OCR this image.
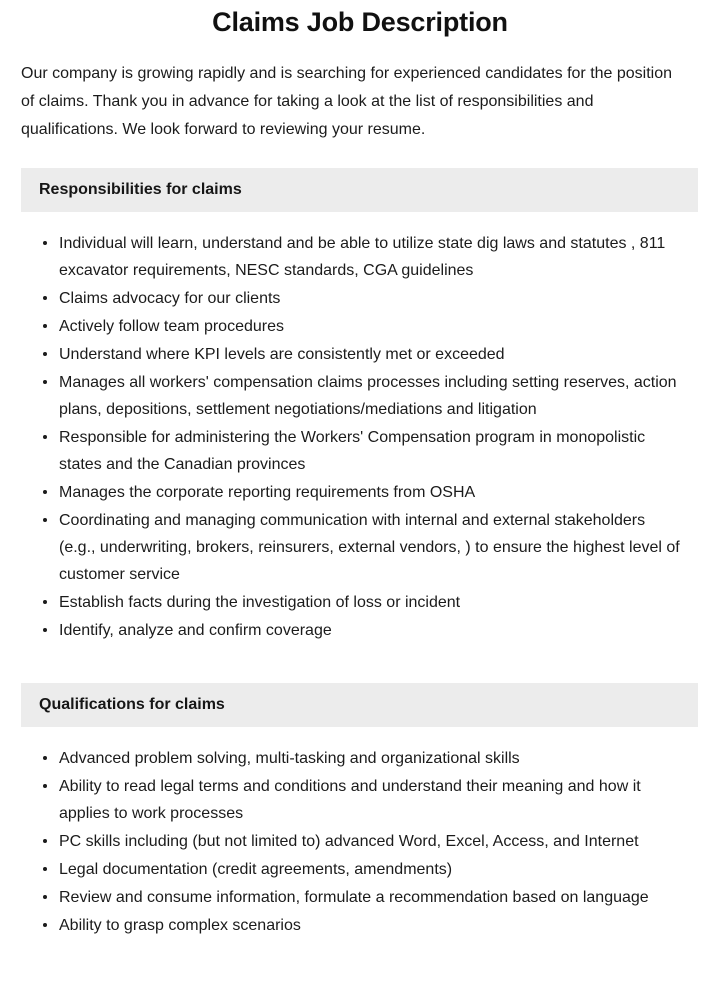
Claims Job Description

Our company is growing rapidly and is searching for experienced candidates for the position of claims. Thank you in advance for taking a look at the list of responsibilities and qualifications. We look forward to reviewing your resume.

Responsibilities for claims
Individual will learn, understand and be able to utilize state dig laws and statutes , 811 excavator requirements, NESC standards, CGA guidelines
Claims advocacy for our clients
Actively follow team procedures
Understand where KPI levels are consistently met or exceeded
Manages all workers' compensation claims processes including setting reserves, action plans, depositions, settlement negotiations/mediations and litigation
Responsible for administering the Workers' Compensation program in monopolistic states and the Canadian provinces
Manages the corporate reporting requirements from OSHA
Coordinating and managing communication with internal and external stakeholders (e.g., underwriting, brokers, reinsurers, external vendors, ) to ensure the highest level of customer service
Establish facts during the investigation of loss or incident
Identify, analyze and confirm coverage
Qualifications for claims
Advanced problem solving, multi-tasking and organizational skills
Ability to read legal terms and conditions and understand their meaning and how it applies to work processes
PC skills including (but not limited to) advanced Word, Excel, Access, and Internet
Legal documentation (credit agreements, amendments)
Review and consume information, formulate a recommendation based on language
Ability to grasp complex scenarios
